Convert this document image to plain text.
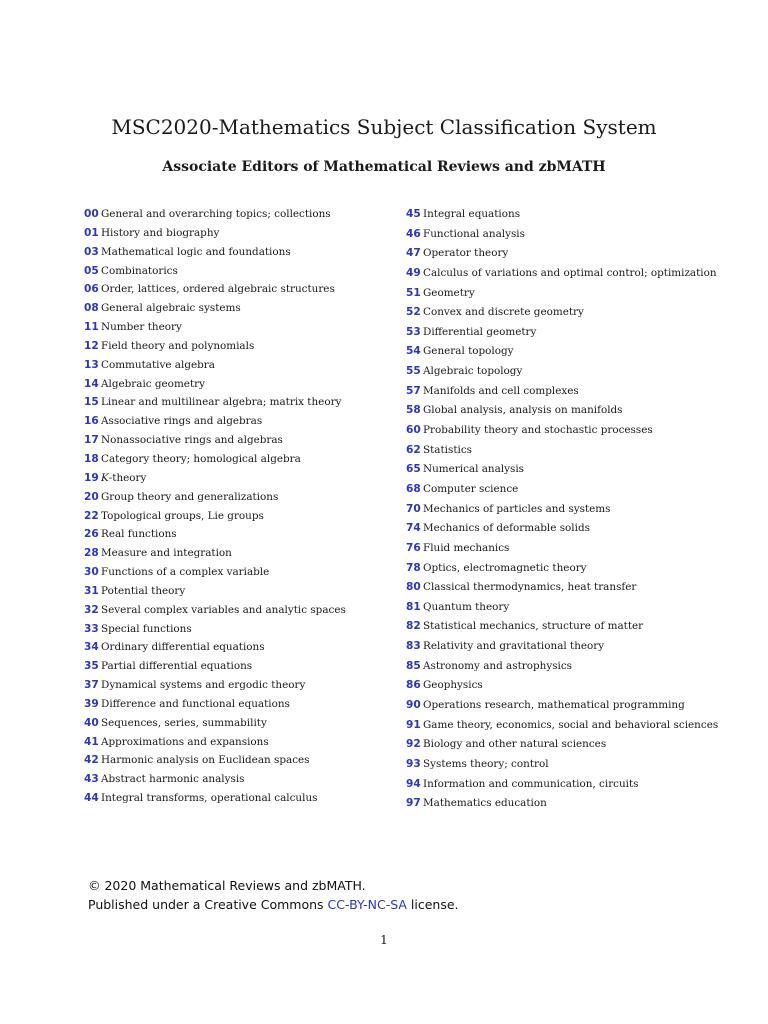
MSC2020-Mathematics Subject Classification System
Associate Editors of Mathematical Reviews and zbMATH
00 General and overarching topics; collections
01 History and biography
03 Mathematical logic and foundations
05 Combinatorics
06 Order, lattices, ordered algebraic structures
08 General algebraic systems
11 Number theory
12 Field theory and polynomials
13 Commutative algebra
14 Algebraic geometry
15 Linear and multilinear algebra; matrix theory
16 Associative rings and algebras
17 Nonassociative rings and algebras
18 Category theory; homological algebra
19 K-theory
20 Group theory and generalizations
22 Topological groups, Lie groups
26 Real functions
28 Measure and integration
30 Functions of a complex variable
31 Potential theory
32 Several complex variables and analytic spaces
33 Special functions
34 Ordinary differential equations
35 Partial differential equations
37 Dynamical systems and ergodic theory
39 Difference and functional equations
40 Sequences, series, summability
41 Approximations and expansions
42 Harmonic analysis on Euclidean spaces
43 Abstract harmonic analysis
44 Integral transforms, operational calculus
45 Integral equations
46 Functional analysis
47 Operator theory
49 Calculus of variations and optimal control; optimization
51 Geometry
52 Convex and discrete geometry
53 Differential geometry
54 General topology
55 Algebraic topology
57 Manifolds and cell complexes
58 Global analysis, analysis on manifolds
60 Probability theory and stochastic processes
62 Statistics
65 Numerical analysis
68 Computer science
70 Mechanics of particles and systems
74 Mechanics of deformable solids
76 Fluid mechanics
78 Optics, electromagnetic theory
80 Classical thermodynamics, heat transfer
81 Quantum theory
82 Statistical mechanics, structure of matter
83 Relativity and gravitational theory
85 Astronomy and astrophysics
86 Geophysics
90 Operations research, mathematical programming
91 Game theory, economics, social and behavioral sciences
92 Biology and other natural sciences
93 Systems theory; control
94 Information and communication, circuits
97 Mathematics education

© 2020 Mathematical Reviews and zbMATH.

Published under a Creative Commons CC-BY-NC-SA license.

1
